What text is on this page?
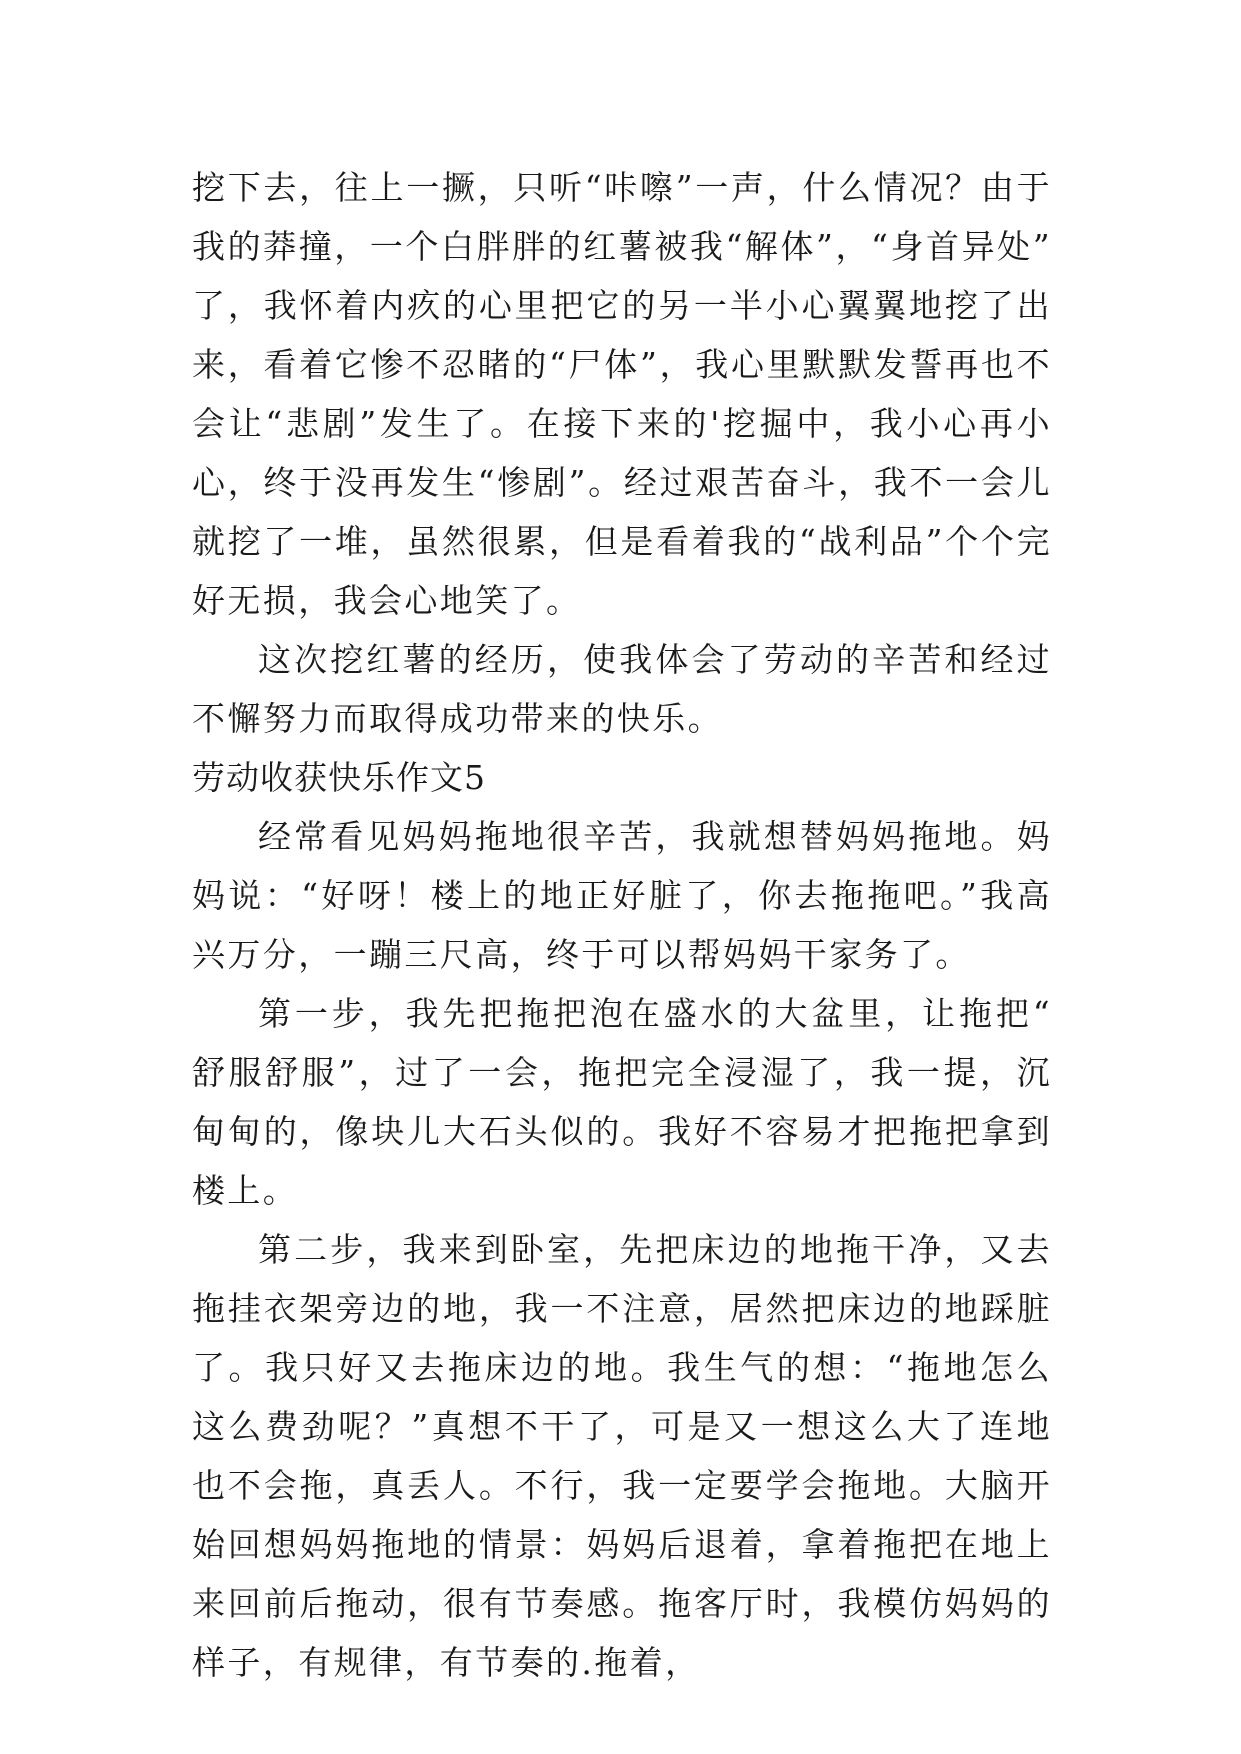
挖下去，往上一撅，只听“咔嚓”一声，什么情况？由于我的莽撞，一个白胖胖的红薯被我“解体”，“身首异处”了，我怀着内疚的心里把它的另一半小心翼翼地挖了出来，看着它惨不忍睹的“尸体”，我心里默默发誓再也不会让“悲剧”发生了。在接下来的'挖掘中，我小心再小心，终于没再发生“惨剧”。经过艰苦奋斗，我不一会儿就挖了一堆，虽然很累，但是看着我的“战利品”个个完好无损，我会心地笑了。

这次挖红薯的经历，使我体会了劳动的辛苦和经过不懈努力而取得成功带来的快乐。

劳动收获快乐作文5

经常看见妈妈拖地很辛苦，我就想替妈妈拖地。妈妈说：“好呀！楼上的地正好脏了，你去拖拖吧。”我高兴万分，一蹦三尺高，终于可以帮妈妈干家务了。

第一步，我先把拖把泡在盛水的大盆里，让拖把“舒服舒服”，过了一会，拖把完全浸湿了，我一提，沉甸甸的，像块儿大石头似的。我好不容易才把拖把拿到楼上。

第二步，我来到卧室，先把床边的地拖干净，又去拖挂衣架旁边的地，我一不注意，居然把床边的地踩脏了。我只好又去拖床边的地。我生气的想：“拖地怎么这么费劲呢？”真想不干了，可是又一想这么大了连地也不会拖，真丢人。不行，我一定要学会拖地。大脑开始回想妈妈拖地的情景：妈妈后退着，拿着拖把在地上来回前后拖动，很有节奏感。拖客厅时，我模仿妈妈的样子，有规律，有节奏的.拖着，
